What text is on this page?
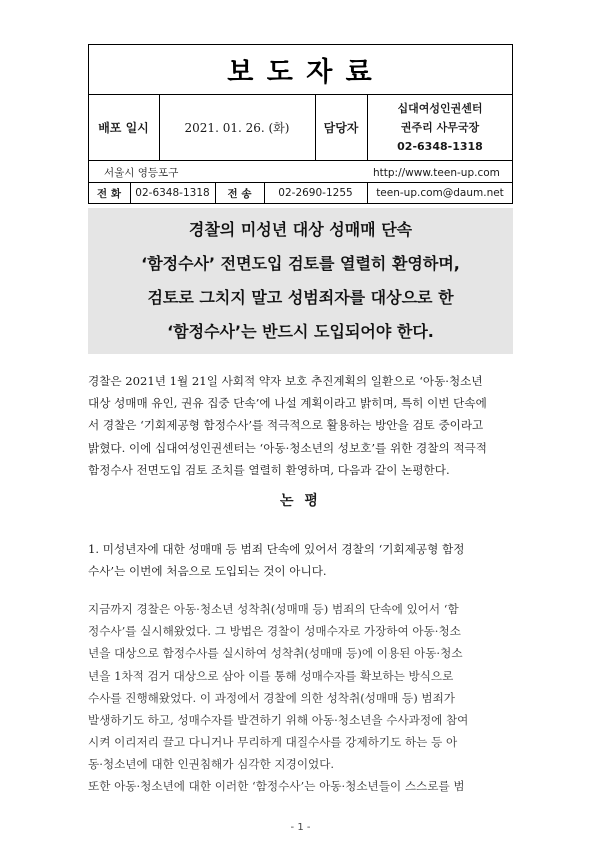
보 도 자 료
배포 일시	2021. 01. 26. (화)	담당자
십대여성인권센터
권주리 사무국장
02-6348-1318
서울시 영등포구	http://www.teen-up.com
전 화 02-6348-1318 전 송	02-2690-1255 teen-up.com@daum.net
경찰의 미성년 대상 성매매 단속
‘함정수사’ 전면도입 검토를 열렬히 환영하며,
검토로 그치지 말고 성범죄자를 대상으로 한
‘함정수사’는 반드시 도입되어야 한다.
경찰은 2021년 1월 21일 사회적 약자 보호 추진계획의 일환으로 ‘아동·청소년
대상 성매매 유인, 권유 집중 단속’에 나설 계획이라고 밝히며, 특히 이번 단속에
서 경찰은 ‘기회제공형 함정수사’를 적극적으로 활용하는 방안을 검토 중이라고
밝혔다. 이에 십대여성인권센터는 ‘아동·청소년의 성보호’를 위한 경찰의 적극적
함정수사 전면도입 검토 조치를 열렬히 환영하며, 다음과 같이 논평한다.
논 평
1. 미성년자에 대한 성매매 등 범죄 단속에 있어서 경찰의 ‘기회제공형 함정
수사’는 이번에 처음으로 도입되는 것이 아니다.
지금까지 경찰은 아동·청소년 성착취(성매매 등) 범죄의 단속에 있어서 ‘함
정수사’를 실시해왔었다. 그 방법은 경찰이 성매수자로 가장하여 아동·청소
년을 대상으로 함정수사를 실시하여 성착취(성매매 등)에 이용된 아동·청소
년을 1차적 검거 대상으로 삼아 이를 통해 성매수자를 확보하는 방식으로
수사를 진행해왔었다. 이 과정에서 경찰에 의한 성착취(성매매 등) 범죄가
발생하기도 하고, 성매수자를 발견하기 위해 아동·청소년을 수사과정에 참여
시켜 이리저리 끌고 다니거나 무리하게 대질수사를 강제하기도 하는 등 아
동·청소년에 대한 인권침해가 심각한 지경이었다.
또한 아동·청소년에 대한 이러한 ‘함정수사’는 아동·청소년들이 스스로를 범
- 1 -
